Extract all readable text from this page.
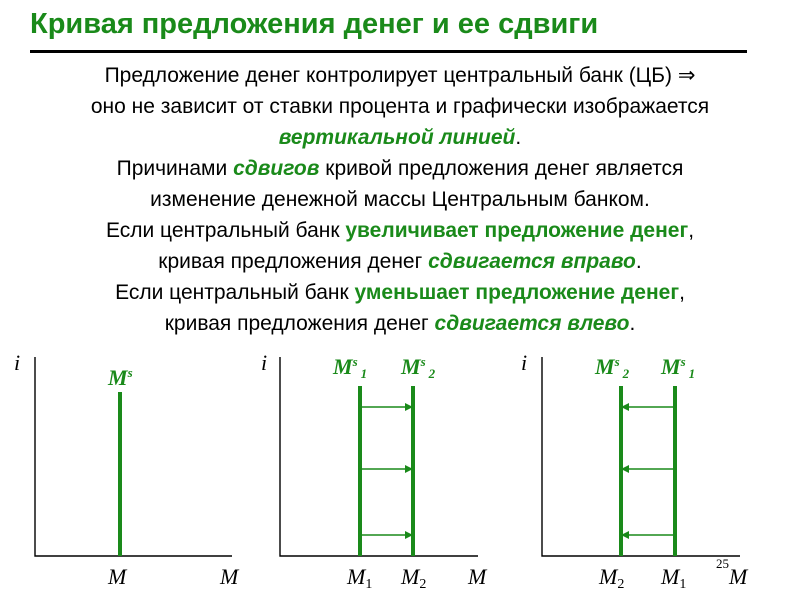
Кривая предложения денег и ее сдвиги
Предложение денег контролирует центральный банк (ЦБ) ⇒
оно не зависит от ставки процента и графически изображается
вертикальной линией.
Причинами сдвигов кривой предложения денег является
изменение денежной массы Центральным банком.
Если центральный банк увеличивает предложение денег,
кривая предложения денег сдвигается вправо.
Если центральный банк уменьшает предложение денег,
кривая предложения денег сдвигается влево.
i
$M^s$
M	M
i	$M^s_1$ $M^s_2$
M1 M2 M
i	$M^s_2$ $M^s_1$
M2 M1 M
25
